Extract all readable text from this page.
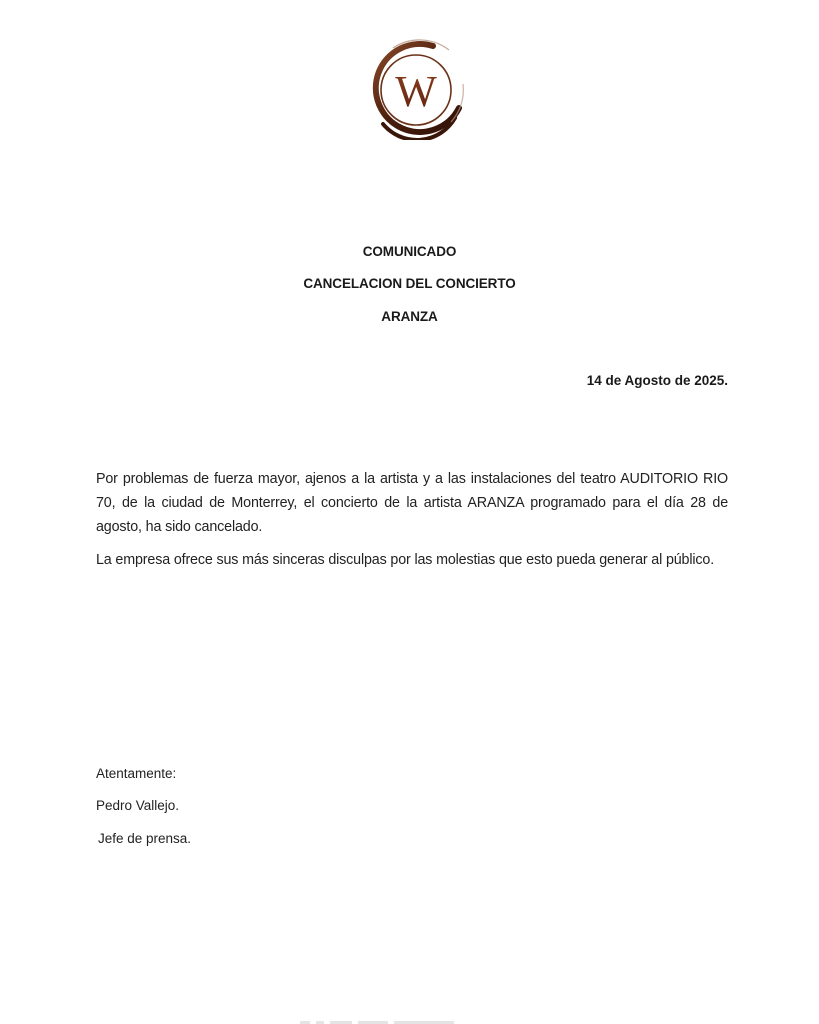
W
COMUNICADO
CANCELACION DEL CONCIERTO
ARANZA
14 de Agosto de 2025.
Por problemas de fuerza mayor, ajenos a la artista y a las instalaciones del teatro AUDITORIO RIO 70, de la ciudad de Monterrey, el concierto de la artista ARANZA programado para el día 28 de agosto, ha sido cancelado.
La empresa ofrece sus más sinceras disculpas por las molestias que esto pueda generar al público.
Atentamente:
Pedro Vallejo.
Jefe de prensa.
